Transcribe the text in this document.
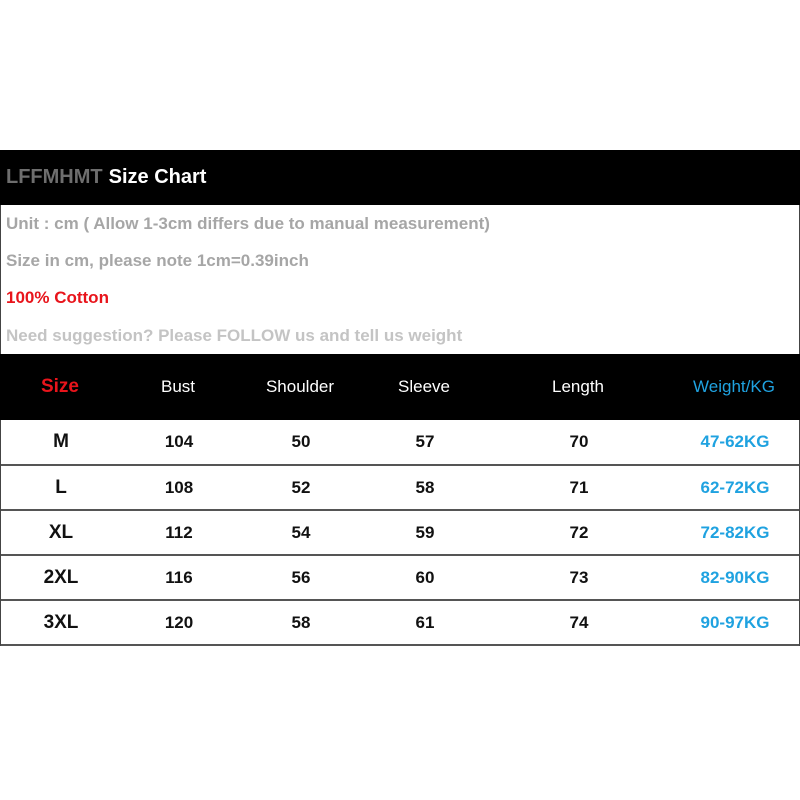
LFFMHMT Size Chart
Unit : cm ( Allow 1-3cm differs due to manual measurement)
Size in cm, please note 1cm=0.39inch
100% Cotton
Need suggestion? Please FOLLOW us and tell us weight
Size	Bust	Shoulder	Sleeve	Length	Weight/KG
M	104	50	57	70	47-62KG
L	108	52	58	71	62-72KG
XL	112	54	59	72	72-82KG
2XL	116	56	60	73	82-90KG
3XL	120	58	61	74	90-97KG
